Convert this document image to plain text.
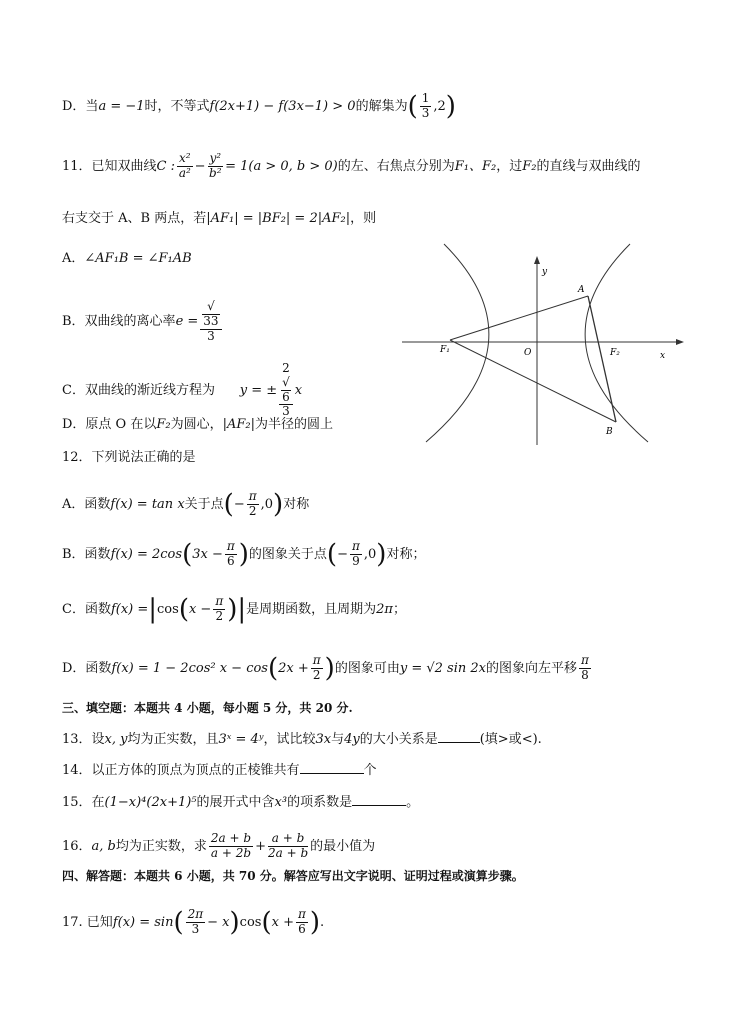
D．当a = −1时，不等式f(2x+1) − f(3x−1) > 0的解集为( $\frac{1}{3} ,2$)
11．已知双曲线C : $\frac{\text{x²}}{\text{a²}} - \frac{\text{y²}}{\text{b²}} = 1(a > 0$, b > 0)的左、右焦点分别为F₁、F₂，过F₂的直线与双曲线的
右支交于 A、B 两点，若|AF₁| = |BF₂| = 2|AF₂|，则
A．∠AF₁B = ∠F₁AB
B．双曲线的离心率e = √
33
3
C．双曲线的渐近线方程为 y = ± 2
√
6
3 x
D．原点 O 在以F₂为圆心，|AF₂|为半径的圆上
y
x
O
F₁	F₂
A
B
12．下列说法正确的是
A．函数f(x) = tan x关于点(− $\frac{\pi}{2} ,0$)对称
B．函数$f(x) = 2\cos(3x - \frac{\pi}{6}$ )的图象关于点(− $\frac{\pi}{9} ,0$)对称；
C．函数$f(x) =|\cos(x - \frac{\pi}{2}$ )|是周期函数，且周期为2π；
D．函数f(x) = 1 − 2cos² $x - \cos(2x + \frac{\pi}{2}$ )的图象可由y = √2 sin 2x的图象向左平移 $\frac{\pi}{8}$
三、填空题：本题共 4 小题，每小题 5 分，共 20 分.
13．设x, y均为正实数，且3ˣ = 4ʸ，试比较3x与4y的大小关系是	(填>或<).
14．以正方体的顶点为顶点的正棱锥共有	个
15．在(1−x)⁴(2x+1)⁵的展开式中含x³的项系数是	。
16．a, b均为正实数，求 $\frac{2a + b}{a + 2b} + \frac{a + b}{2a + b}$ 的最小值为
四、解答题：本题共 6 小题，共 70 分。解答应写出文字说明、证明过程或演算步骤。
17. 已知$f(x) = \sin( \frac{2\pi}{3} - x)\cos(x + \frac{\pi}{6}$ ).
